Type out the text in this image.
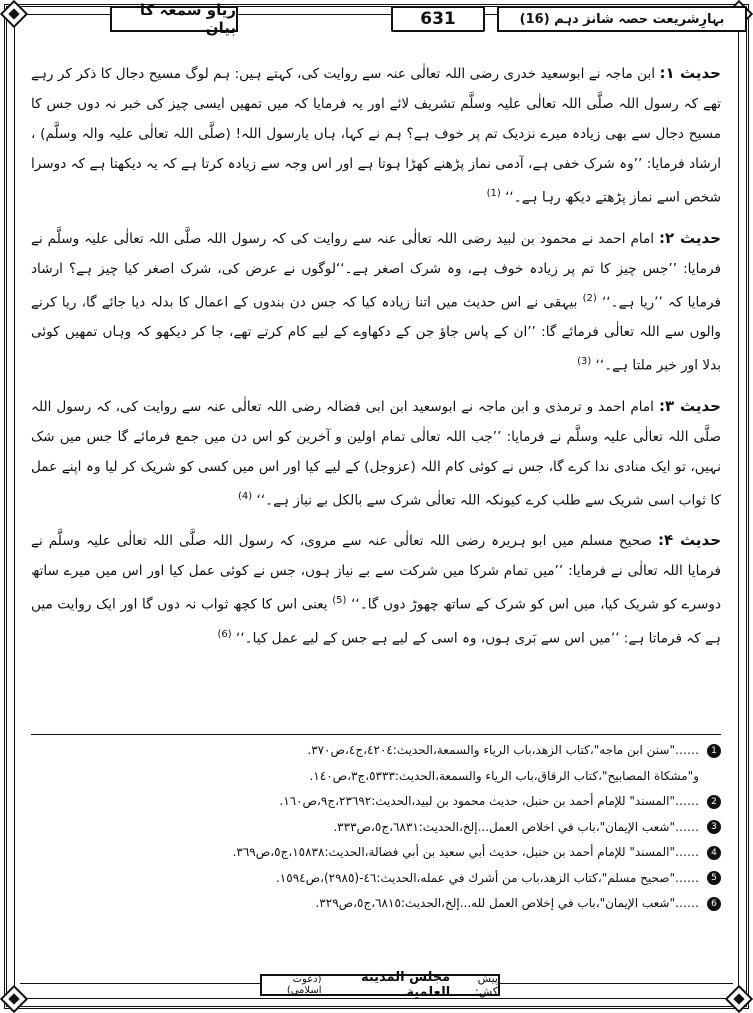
بہارِشریعت حصہ شانز دہم (16)
631
ریاو سمعہ کا بیان

حدیث ۱: ابن ماجہ نے ابوسعید خدری رضی اللہ تعالٰی عنہ سے روایت کی، کہتے ہیں: ہم لوگ مسیح دجال کا ذکر کر رہے تھے کہ رسول اللہ صلَّی اللہ تعالٰی علیہ وسلَّم تشریف لائے اور یہ فرمایا کہ میں تمھیں ایسی چیز کی خبر نہ دوں جس کا مسیح دجال سے بھی زیادہ میرے نزدیک تم پر خوف ہے؟ ہم نے کہا، ہاں یارسول اللہ! (صلَّی اللہ تعالٰی علیہ والہ وسلَّم) ، ارشاد فرمایا: ’’وہ شرک خفی ہے، آدمی نماز پڑھنے کھڑا ہوتا ہے اور اس وجہ سے زیادہ کرتا ہے کہ یہ دیکھتا ہے کہ دوسرا شخص اسے نماز پڑھتے دیکھ رہا ہے۔‘‘ $^{(1)}$

حدیث ۲: امام احمد نے محمود بن لبید رضی اللہ تعالٰی عنہ سے روایت کی کہ رسول اللہ صلَّی اللہ تعالٰی علیہ وسلَّم نے فرمایا: ’’جس چیز کا تم پر زیادہ خوف ہے، وہ شرک اصغر ہے۔‘‘لوگوں نے عرض کی، شرک اصغر کیا چیز ہے؟ ارشاد فرمایا کہ ’’ریا ہے۔‘‘ $^{(2)}$ بیہقی نے اس حدیث میں اتنا زیادہ کیا کہ جس دن بندوں کے اعمال کا بدلہ دیا جائے گا، ریا کرنے والوں سے اللہ تعالٰی فرمائے گا: ’’ان کے پاس جاؤ جن کے دکھاوے کے لیے کام کرتے تھے، جا کر دیکھو کہ وہاں تمھیں کوئی بدلا اور خیر ملتا ہے۔‘‘ $^{(3)}$

حدیث ۳: امام احمد و ترمذی و ابن ماجہ نے ابوسعید ابن ابی فضالہ رضی اللہ تعالٰی عنہ سے روایت کی، کہ رسول اللہ صلَّی اللہ تعالٰی علیہ وسلَّم نے فرمایا: ’’جب اللہ تعالٰی تمام اولین و آخرین کو اس دن میں جمع فرمائے گا جس میں شک نہیں، تو ایک منادی ندا کرے گا، جس نے کوئی کام اللہ (عزوجل) کے لیے کیا اور اس میں کسی کو شریک کر لیا وہ اپنے عمل کا ثواب اسی شریک سے طلب کرے کیونکہ اللہ تعالٰی شرک سے بالکل بے نیاز ہے۔‘‘ $^{(4)}$

حدیث ۴: صحیح مسلم میں ابو ہریرہ رضی اللہ تعالٰی عنہ سے مروی، کہ رسول اللہ صلَّی اللہ تعالٰی علیہ وسلَّم نے فرمایا اللہ تعالٰی نے فرمایا: ’’میں تمام شرکا میں شرکت سے بے نیاز ہوں، جس نے کوئی عمل کیا اور اس میں میرے ساتھ دوسرے کو شریک کیا، میں اس کو شرک کے ساتھ چھوڑ دوں گا۔‘‘ $^{(5)}$ یعنی اس کا کچھ ثواب نہ دوں گا اور ایک روایت میں ہے کہ فرماتا ہے: ’’میں اس سے بَری ہوں، وہ اسی کے لیے ہے جس کے لیے عمل کیا۔‘‘ $^{(6)}$

1
……"سنن ابن ماجه"،كتاب الزهد،باب الرياء والسمعة،الحديث:٤٢٠٤،ج٤،ص٣٧٠.
و"مشكاة المصابيح"،كتاب الرقاق،باب الرياء والسمعة،الحديث:٥٣٣٣،ج٣،ص١٤٠.
2
……"المسند" للإمام أحمد بن حنبل، حديث محمود بن لبيد،الحديث:٢٣٦٩٢،ج٩،ص١٦٠.
3
……"شعب الإيمان"،باب في اخلاص العمل...إلخ،الحديث:٦٨٣١،ج٥،ص٣٣٣.
4
……"المسند" للإمام أحمد بن حنبل، حديث أبي سعيد بن أبي فضالة،الحديث:١٥٨٣٨،ج٥،ص٣٦٩.
5
……"صحيح مسلم"،كتاب الزهد،باب من أشرك في عمله،الحديث:٤٦-(٢٩٨٥)،ص١٥٩٤.
6
……"شعب الإيمان"،باب في إخلاص العمل لله...إلخ،الحديث:٦٨١٥،ج٥،ص٣٢٩.
پیش کش:
مجلس المدينة العلمية
(دعوت اسلامی)
